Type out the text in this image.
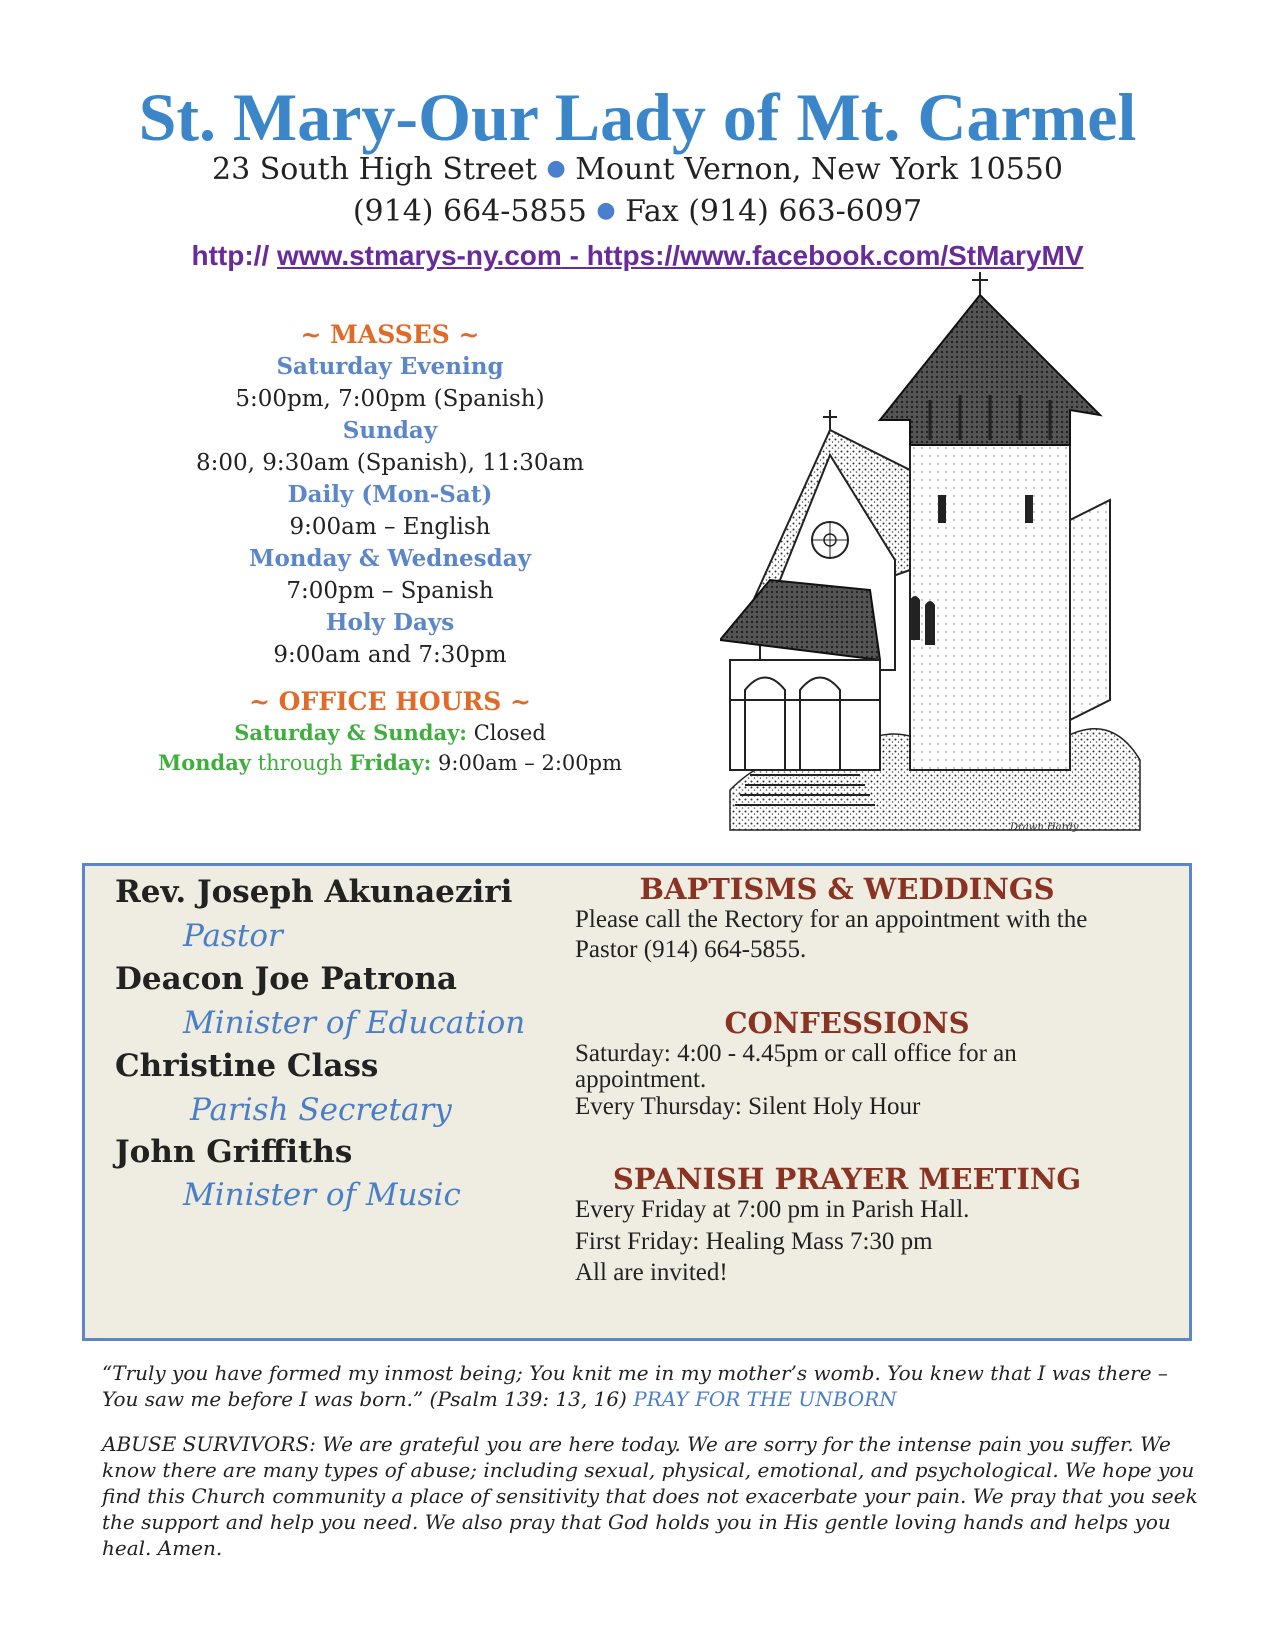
St. Mary-Our Lady of Mt. Carmel
23 South High Street ● Mount Vernon, New York 10550
(914) 664-5855 ● Fax (914) 663-6097
http:// www.stmarys-ny.com - https://www.facebook.com/StMaryMV
~ MASSES ~
Saturday Evening
5:00pm, 7:00pm (Spanish)
Sunday
8:00, 9:30am (Spanish), 11:30am
Daily (Mon-Sat)
9:00am – English
Monday & Wednesday
7:00pm – Spanish
Holy Days
9:00am and 7:30pm
~ OFFICE HOURS ~
Saturday & Sunday: Closed
Monday through Friday: 9:00am – 2:00pm
Drawn Hardy
Rev. Joseph Akunaeziri
Pastor
Deacon Joe Patrona
Minister of Education
Christine Class
Parish Secretary
John Griffiths
Minister of Music
BAPTISMS & WEDDINGS
Please call the Rectory for an appointment with the
Pastor (914) 664-5855.
CONFESSIONS
Saturday: 4:00 - 4.45pm or call office for an
appointment.
Every Thursday: Silent Holy Hour
SPANISH PRAYER MEETING
Every Friday at 7:00 pm in Parish Hall.
First Friday: Healing Mass 7:30 pm
All are invited!
“Truly you have formed my inmost being; You knit me in my mother’s womb. You knew that I was there – You saw me before I was born.” (Psalm 139: 13, 16) PRAY FOR THE UNBORN
ABUSE SURVIVORS: We are grateful you are here today. We are sorry for the intense pain you suffer. We know there are many types of abuse; including sexual, physical, emotional, and psychological. We hope you find this Church community a place of sensitivity that does not exacerbate your pain. We pray that you seek the support and help you need. We also pray that God holds you in His gentle loving hands and helps you heal. Amen.
